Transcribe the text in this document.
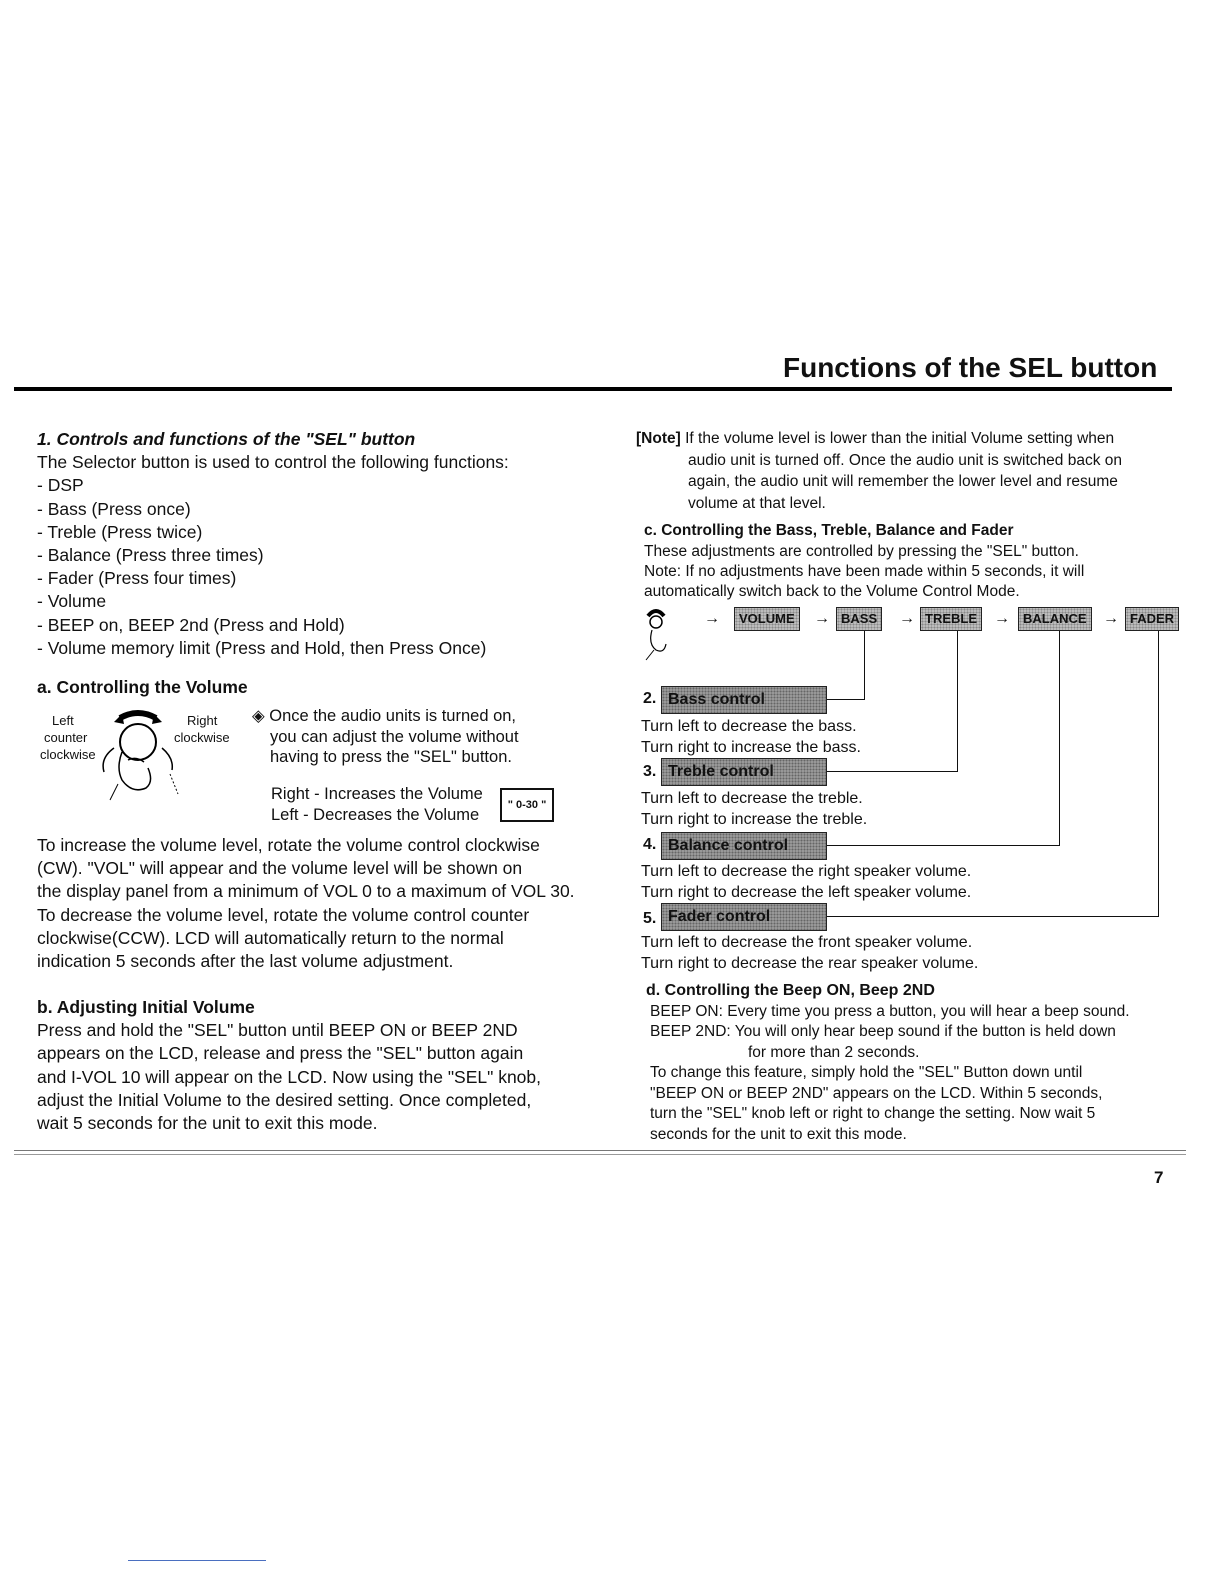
Functions of the SEL button
1. Controls and functions of the "SEL" button
The Selector button is used to control the following functions:
- DSP
- Bass (Press once)
- Treble (Press twice)
- Balance (Press three times)
- Fader (Press four times)
- Volume
- BEEP on, BEEP 2nd (Press and Hold)
- Volume memory limit (Press and Hold, then Press Once)
a. Controlling the Volume
Left
counter
clockwise
Right
clockwise
◈ Once the audio units is turned on,
you can adjust the volume without
having to press the "SEL" button.
Right - Increases the Volume
Left - Decreases the Volume
" 0-30 "
To increase the volume level, rotate the volume control clockwise
(CW). "VOL" will appear and the volume level will be shown on
the display panel from a minimum of VOL 0 to a maximum of VOL 30.
To decrease the volume level, rotate the volume control counter
clockwise(CCW). LCD will automatically return to the normal
indication 5 seconds after the last volume adjustment.
b. Adjusting Initial Volume
Press and hold the "SEL" button until BEEP ON or BEEP 2ND
appears on the LCD, release and press the "SEL" button again
and I-VOL 10 will appear on the LCD. Now using the "SEL" knob,
adjust the Initial Volume to the desired setting. Once completed,
wait 5 seconds for the unit to exit this mode.
[Note] If the volume level is lower than the initial Volume setting when
audio unit is turned off. Once the audio unit is switched back on
again, the audio unit will remember the lower level and resume
volume at that level.
c. Controlling the Bass, Treble, Balance and Fader
These adjustments are controlled by pressing the "SEL" button.
Note: If no adjustments have been made within 5 seconds, it will
automatically switch back to the Volume Control Mode.
→	VOLUME	→ BASS	→ TREBLE	→	BALANCE	→ FADER
2. Bass control
Turn left to decrease the bass.
Turn right to increase the bass.
3. Treble control
Turn left to decrease the treble.
Turn right to increase the treble.
4. Balance control
Turn left to decrease the right speaker volume.
Turn right to decrease the left speaker volume.
5. Fader control
Turn left to decrease the front speaker volume.
Turn right to decrease the rear speaker volume.
d. Controlling the Beep ON, Beep 2ND
BEEP ON: Every time you press a button, you will hear a beep sound.
BEEP 2ND: You will only hear beep sound if the button is held down
for more than 2 seconds.
To change this feature, simply hold the "SEL" Button down until
"BEEP ON or BEEP 2ND" appears on the LCD. Within 5 seconds,
turn the "SEL" knob left or right to change the setting. Now wait 5
seconds for the unit to exit this mode.
7
